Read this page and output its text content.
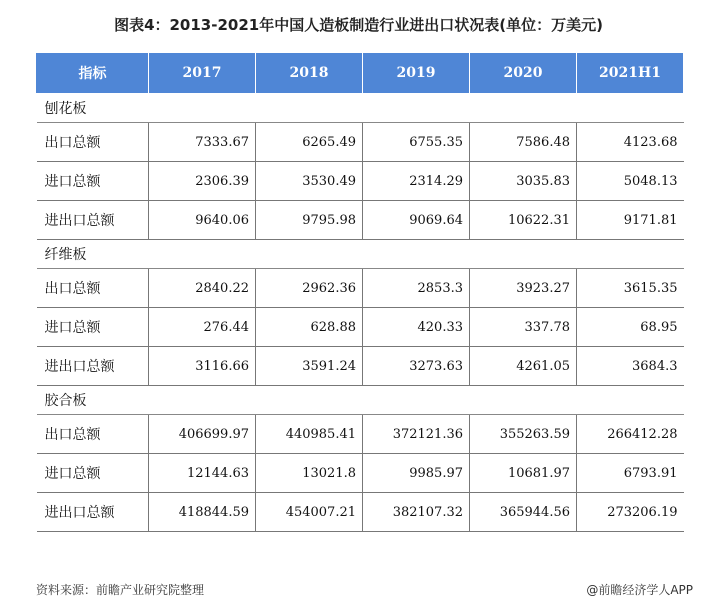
图表4：2013-2021年中国人造板制造行业进出口状况表(单位：万美元)
指标	2017	2018	2019	2020	2021H1
刨花板					
出口总额	7333.67	6265.49	6755.35	7586.48	4123.68
进口总额	2306.39	3530.49	2314.29	3035.83	5048.13
进出口总额	9640.06	9795.98	9069.64	10622.31	9171.81
纤维板					
出口总额	2840.22	2962.36	2853.3	3923.27	3615.35
进口总额	276.44	628.88	420.33	337.78	68.95
进出口总额	3116.66	3591.24	3273.63	4261.05	3684.3
胶合板					
出口总额	406699.97	440985.41	372121.36	355263.59	266412.28
进口总额	12144.63	13021.8	9985.97	10681.97	6793.91
进出口总额	418844.59	454007.21	382107.32	365944.56	273206.19
资料来源：前瞻产业研究院整理	@前瞻经济学人APP
